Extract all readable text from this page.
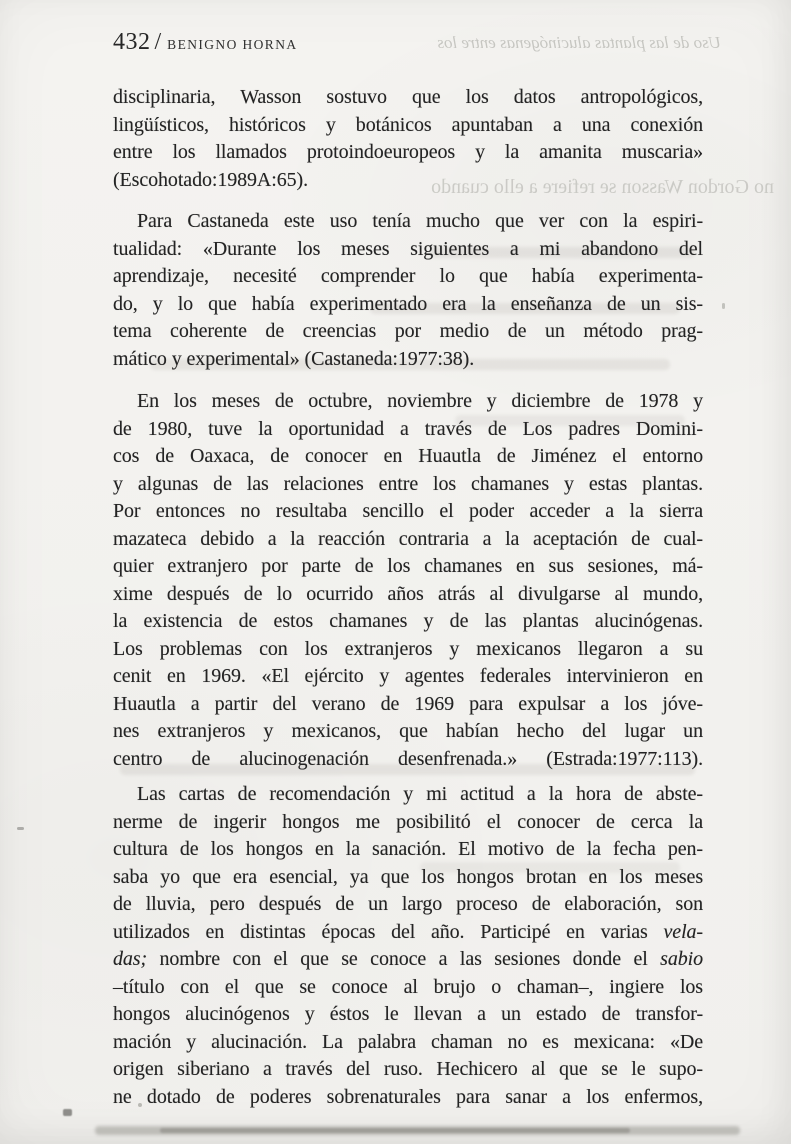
Uso de las plantas alucinógenas entre los
no Gordon Wasson se refiere a ello cuando
432 / BENIGNO HORNA
disciplinaria, Wasson sostuvo que los datos antropológicos,
lingüísticos, históricos y botánicos apuntaban a una conexión
entre los llamados protoindoeuropeos y la amanita muscaria»
(Escohotado:1989A:65).
Para Castaneda este uso tenía mucho que ver con la espiri-
tualidad: «Durante los meses siguientes a mi abandono del
aprendizaje, necesité comprender lo que había experimenta-
do, y lo que había experimentado era la enseñanza de un sis-
tema coherente de creencias por medio de un método prag-
mático y experimental» (Castaneda:1977:38).
En los meses de octubre, noviembre y diciembre de 1978 y
de 1980, tuve la oportunidad a través de Los padres Domini-
cos de Oaxaca, de conocer en Huautla de Jiménez el entorno
y algunas de las relaciones entre los chamanes y estas plantas.
Por entonces no resultaba sencillo el poder acceder a la sierra
mazateca debido a la reacción contraria a la aceptación de cual-
quier extranjero por parte de los chamanes en sus sesiones, má-
xime después de lo ocurrido años atrás al divulgarse al mundo,
la existencia de estos chamanes y de las plantas alucinógenas.
Los problemas con los extranjeros y mexicanos llegaron a su
cenit en 1969. «El ejército y agentes federales intervinieron en
Huautla a partir del verano de 1969 para expulsar a los jóve-
nes extranjeros y mexicanos, que habían hecho del lugar un
centro de alucinogenación desenfrenada.» (Estrada:1977:113).
Las cartas de recomendación y mi actitud a la hora de abste-
nerme de ingerir hongos me posibilitó el conocer de cerca la
cultura de los hongos en la sanación. El motivo de la fecha pen-
saba yo que era esencial, ya que los hongos brotan en los meses
de lluvia, pero después de un largo proceso de elaboración, son
utilizados en distintas épocas del año. Participé en varias vela-
das; nombre con el que se conoce a las sesiones donde el sabio
–título con el que se conoce al brujo o chaman–, ingiere los
hongos alucinógenos y éstos le llevan a un estado de transfor-
mación y alucinación. La palabra chaman no es mexicana: «De
origen siberiano a través del ruso. Hechicero al que se le supo-
ne dotado de poderes sobrenaturales para sanar a los enfermos,
